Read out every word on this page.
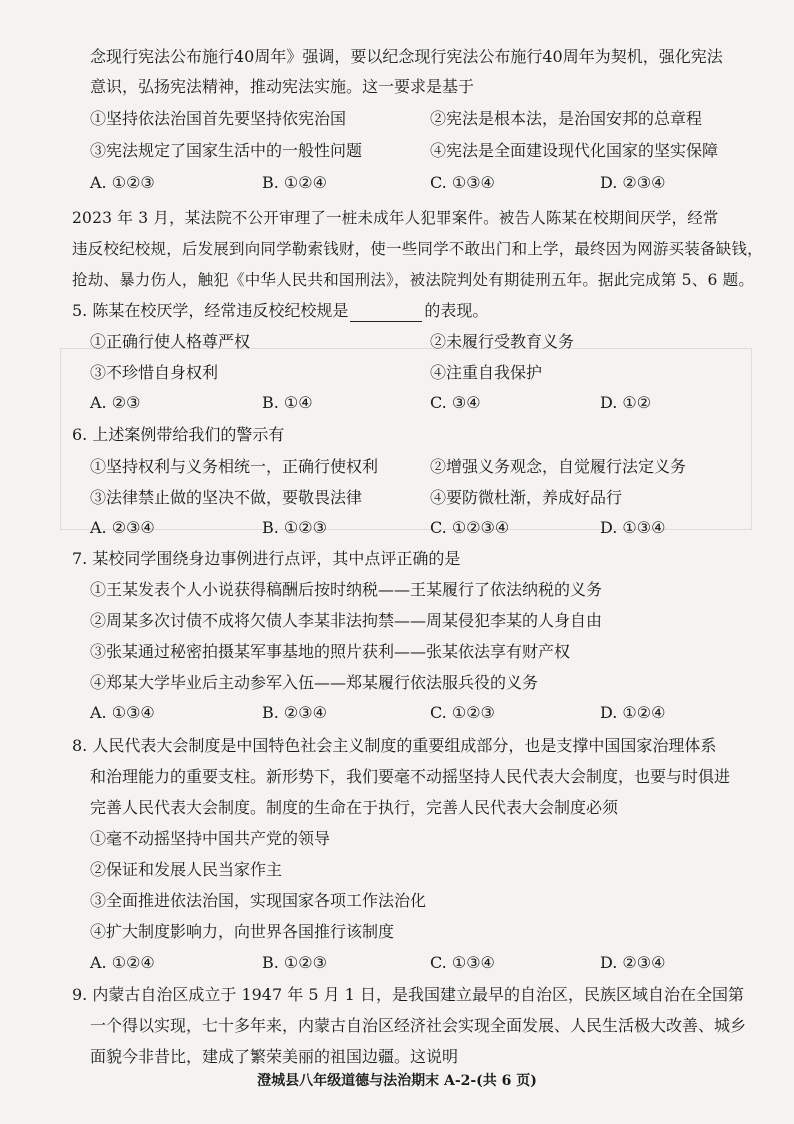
念现行宪法公布施行40周年》强调，要以纪念现行宪法公布施行40周年为契机，强化宪法
意识，弘扬宪法精神，推动宪法实施。这一要求是基于
①坚持依法治国首先要坚持依宪治国	②宪法是根本法，是治国安邦的总章程
③宪法规定了国家生活中的一般性问题	④宪法是全面建设现代化国家的坚实保障
A. ①②③	B. ①②④	C. ①③④	D. ②③④
2023 年 3 月，某法院不公开审理了一桩未成年人犯罪案件。被告人陈某在校期间厌学，经常
违反校纪校规，后发展到向同学勒索钱财，使一些同学不敢出门和上学，最终因为网游买装备缺钱，
抢劫、暴力伤人，触犯《中华人民共和国刑法》，被法院判处有期徒刑五年。据此完成第 5、6 题。
5. 陈某在校厌学，经常违反校纪校规是	的表现。
①正确行使人格尊严权	②未履行受教育义务
③不珍惜自身权利	④注重自我保护
A. ②③	B. ①④	C. ③④	D. ①②
6. 上述案例带给我们的警示有
①坚持权利与义务相统一，正确行使权利	②增强义务观念，自觉履行法定义务
③法律禁止做的坚决不做，要敬畏法律	④要防微杜渐，养成好品行
A. ②③④	B. ①②③	C. ①②③④	D. ①③④
7. 某校同学围绕身边事例进行点评，其中点评正确的是
①王某发表个人小说获得稿酬后按时纳税——王某履行了依法纳税的义务
②周某多次讨债不成将欠债人李某非法拘禁——周某侵犯李某的人身自由
③张某通过秘密拍摄某军事基地的照片获利——张某依法享有财产权
④郑某大学毕业后主动参军入伍——郑某履行依法服兵役的义务
A. ①③④	B. ②③④	C. ①②③	D. ①②④
8. 人民代表大会制度是中国特色社会主义制度的重要组成部分，也是支撑中国国家治理体系
和治理能力的重要支柱。新形势下，我们要毫不动摇坚持人民代表大会制度，也要与时俱进
完善人民代表大会制度。制度的生命在于执行，完善人民代表大会制度必须
①毫不动摇坚持中国共产党的领导
②保证和发展人民当家作主
③全面推进依法治国，实现国家各项工作法治化
④扩大制度影响力，向世界各国推行该制度
A. ①②④	B. ①②③	C. ①③④	D. ②③④
9. 内蒙古自治区成立于 1947 年 5 月 1 日，是我国建立最早的自治区，民族区域自治在全国第
一个得以实现，七十多年来，内蒙古自治区经济社会实现全面发展、人民生活极大改善、城乡
面貌今非昔比，建成了繁荣美丽的祖国边疆。这说明
澄城县八年级道德与法治期末 A-2-(共 6 页)
